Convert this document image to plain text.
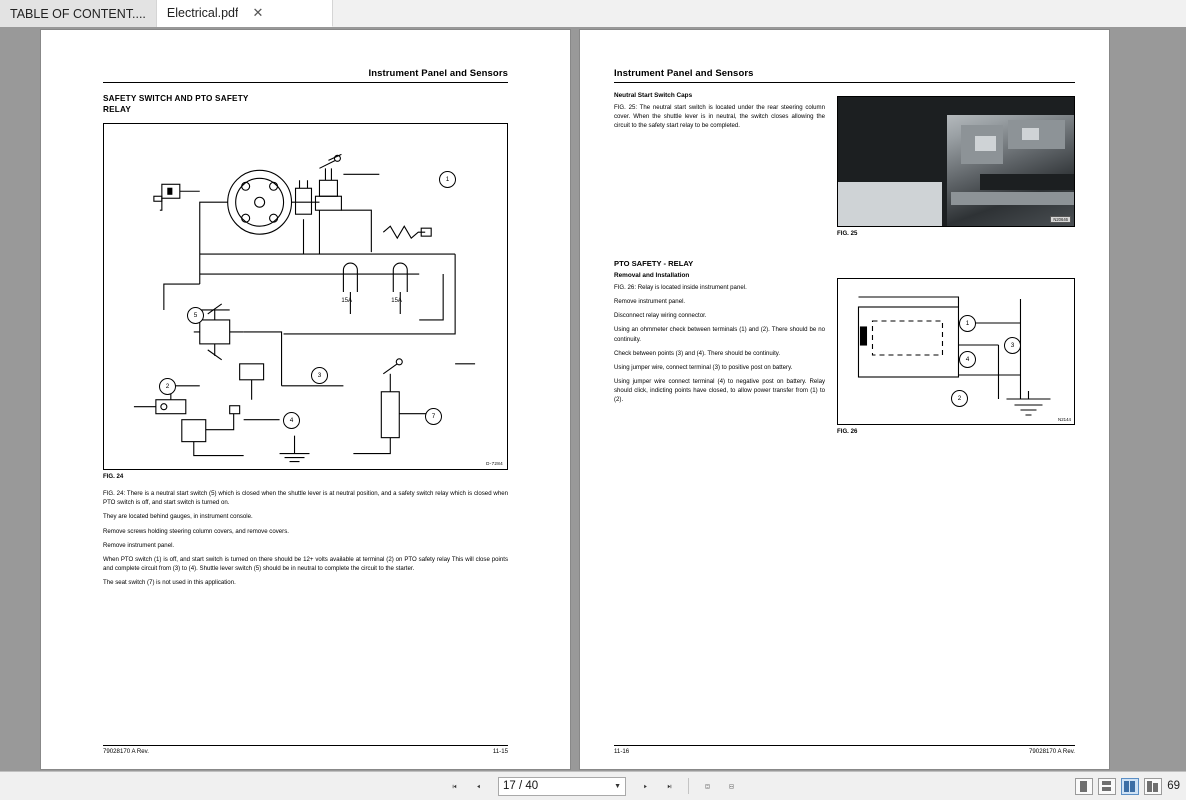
TABLE OF CONTENT.... Electrical.pdf ✕
Instrument Panel and Sensors
SAFETY SWITCH AND PTO SAFETY
RELAY
15A	15A
1
5
2
3
4
7
D-7284
FIG. 24

FIG. 24: There is a neutral start switch (5) which is closed when the shuttle lever is at neutral position, and a safety switch relay which is closed when PTO switch is off, and start switch is turned on.

They are located behind gauges, in instrument console.

Remove screws holding steering column covers, and remove covers.

Remove instrument panel.

When PTO switch (1) is off, and start switch is turned on there should be 12+ volts available at terminal (2) on PTO safety relay This will close points and complete circuit from (3) to (4). Shuttle lever switch (5) should be in neutral to complete the circuit to the starter.

The seat switch (7) is not used in this application.

79028170 A Rev.	11-15
Instrument Panel and Sensors
Neutral Start Switch Caps

FIG. 25: The neutral start switch is located under the rear steering column cover. When the shuttle lever is in neutral, the switch closes allowing the circuit to the safety start relay to be completed.

N20646
FIG. 25
PTO SAFETY - RELAY
Removal and Installation

FIG. 26: Relay is located inside instrument panel.

Remove instrument panel.

Disconnect relay wiring connector.

Using an ohmmeter check between terminals (1) and (2). There should be no continuity.

Check between points (3) and (4). There should be continuity.

Using jumper wire, connect terminal (3) to positive post on battery.

Using jumper wire connect terminal (4) to negative post on battery. Relay should click, indicting points have closed, to allow power transfer from (1) to (2).

1
3
4
2
N2144
FIG. 26
11-16	79028170 A Rev.
17 / 40	▼	69
